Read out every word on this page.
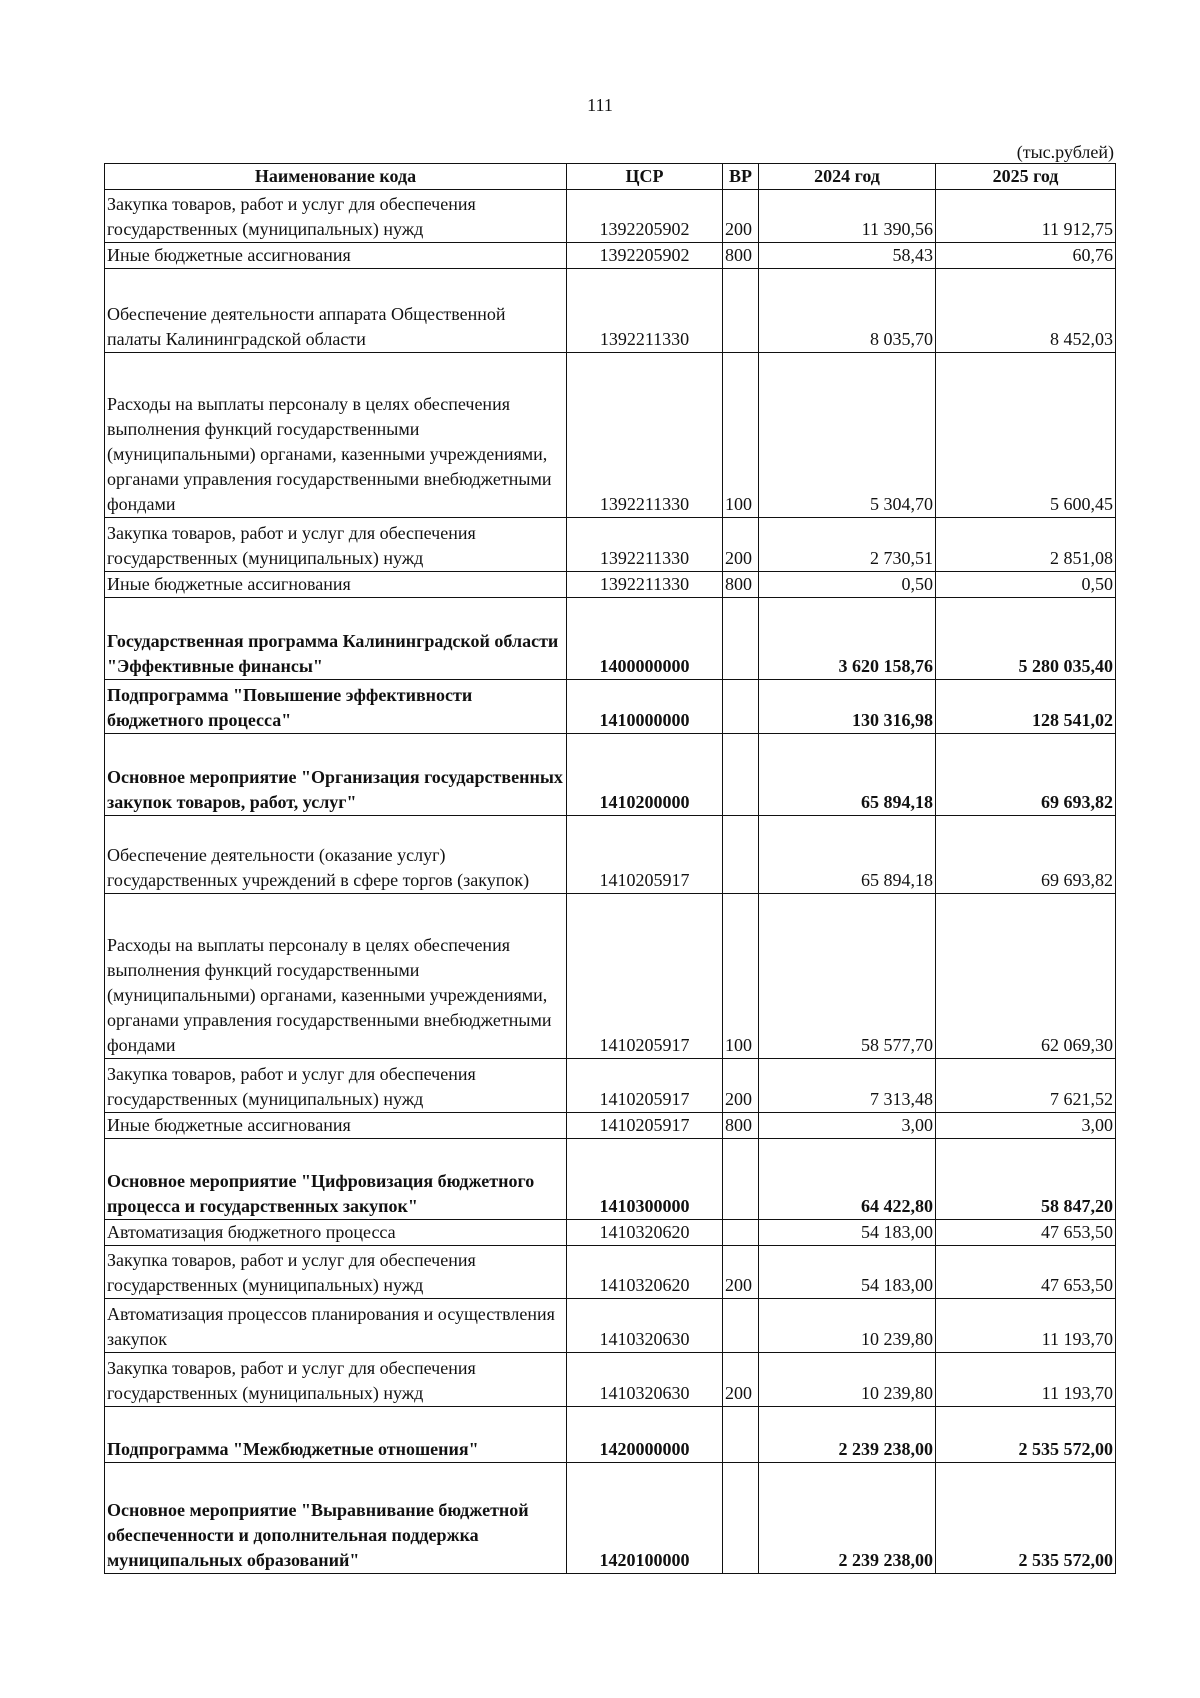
111
(тыс.рублей)
Наименование кода	ЦСР	ВР	2024 год	2025 год
Закупка товаров, работ и услуг для обеспечения государственных (муниципальных) нужд	1392205902	200	11 390,56	11 912,75
Иные бюджетные ассигнования	1392205902	800	58,43	60,76
Обеспечение деятельности аппарата Общественной палаты Калининградской области	1392211330		8 035,70	8 452,03
Расходы на выплаты персоналу в целях обеспечения выполнения функций государственными (муниципальными) органами, казенными учреждениями, органами управления государственными внебюджетными фондами	1392211330	100	5 304,70	5 600,45
Закупка товаров, работ и услуг для обеспечения государственных (муниципальных) нужд	1392211330	200	2 730,51	2 851,08
Иные бюджетные ассигнования	1392211330	800	0,50	0,50
Государственная программа Калининградской области "Эффективные финансы"	1400000000		3 620 158,76	5 280 035,40
Подпрограмма "Повышение эффективности бюджетного процесса"	1410000000		130 316,98	128 541,02
Основное мероприятие "Организация государственных закупок товаров, работ, услуг"	1410200000		65 894,18	69 693,82
Обеспечение деятельности (оказание услуг) государственных учреждений в сфере торгов (закупок)	1410205917		65 894,18	69 693,82
Расходы на выплаты персоналу в целях обеспечения выполнения функций государственными (муниципальными) органами, казенными учреждениями, органами управления государственными внебюджетными фондами	1410205917	100	58 577,70	62 069,30
Закупка товаров, работ и услуг для обеспечения государственных (муниципальных) нужд	1410205917	200	7 313,48	7 621,52
Иные бюджетные ассигнования	1410205917	800	3,00	3,00
Основное мероприятие "Цифровизация бюджетного процесса и государственных закупок"	1410300000		64 422,80	58 847,20
Автоматизация бюджетного процесса	1410320620		54 183,00	47 653,50
Закупка товаров, работ и услуг для обеспечения государственных (муниципальных) нужд	1410320620	200	54 183,00	47 653,50
Автоматизация процессов планирования и осуществления закупок	1410320630		10 239,80	11 193,70
Закупка товаров, работ и услуг для обеспечения государственных (муниципальных) нужд	1410320630	200	10 239,80	11 193,70
Подпрограмма "Межбюджетные отношения"	1420000000		2 239 238,00	2 535 572,00
Основное мероприятие "Выравнивание бюджетной обеспеченности и дополнительная поддержка муниципальных образований"	1420100000		2 239 238,00	2 535 572,00
